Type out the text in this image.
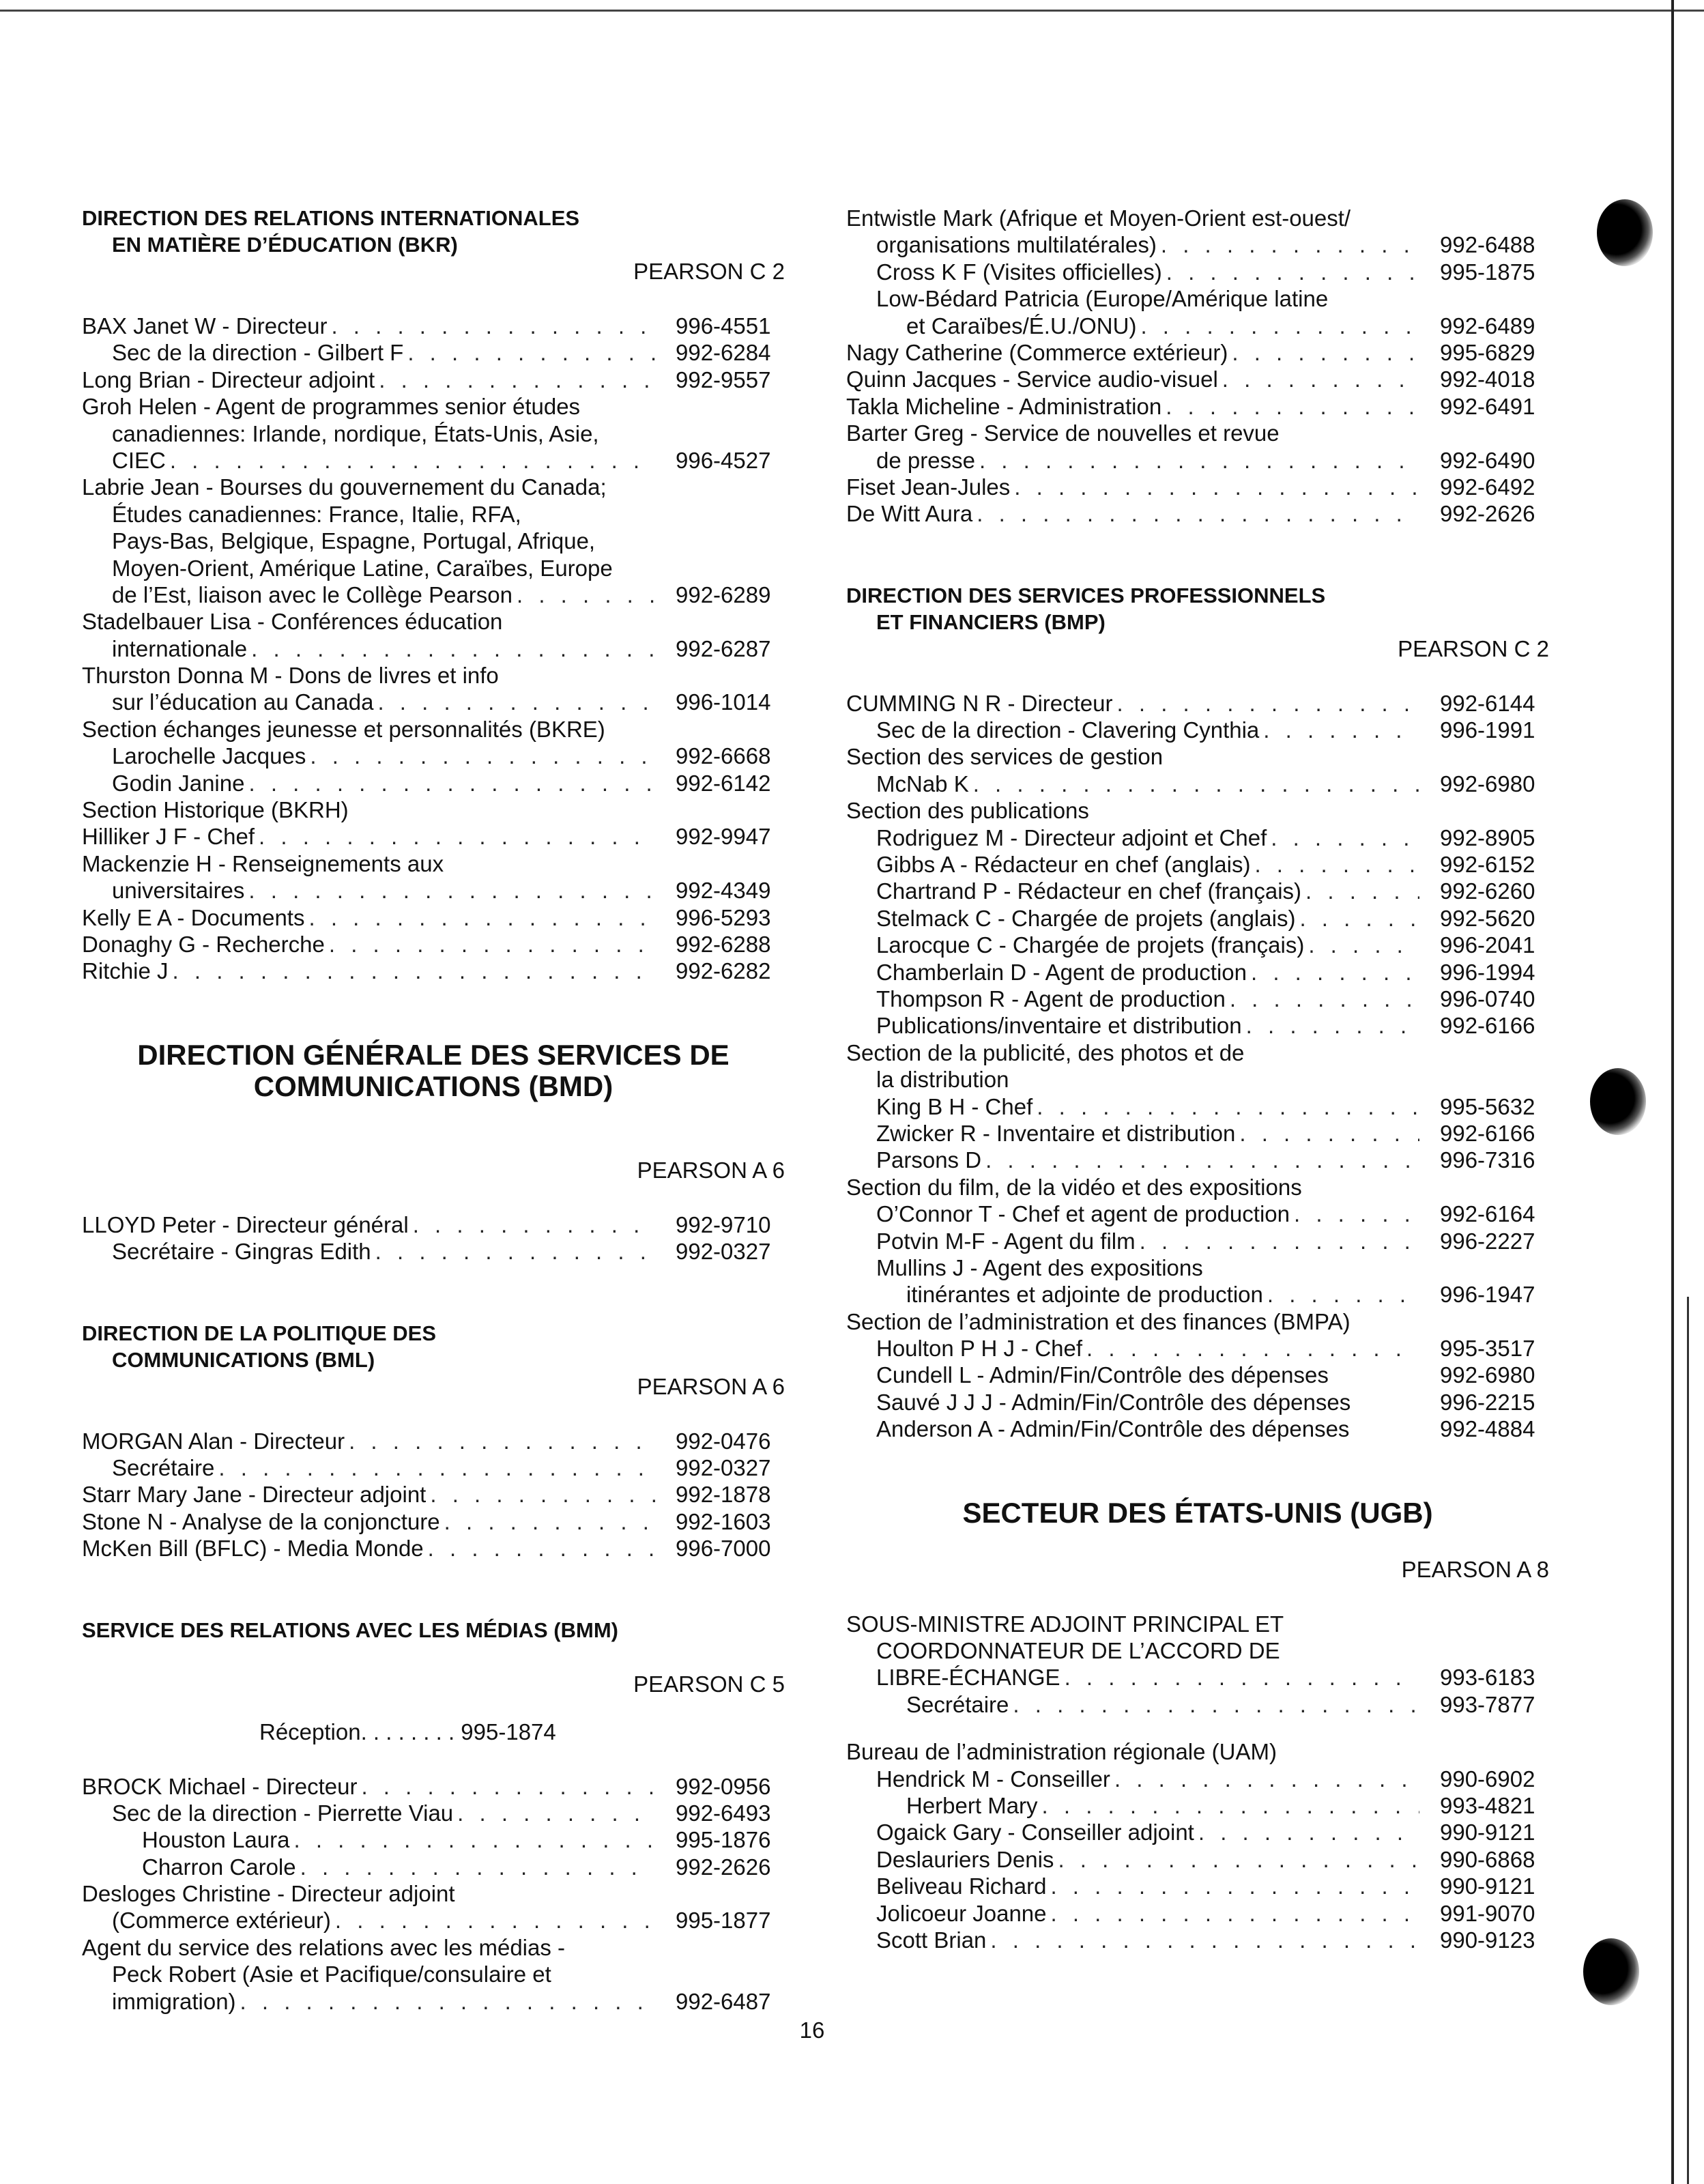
DIRECTION DES RELATIONS INTERNATIONALES
EN MATIÈRE D’ÉDUCATION (BKR)
PEARSON C 2
BAX Janet W - Directeur . . .	996-4551
Sec de la direction - Gilbert F . . .	992-6284
Long Brian - Directeur adjoint . . .	992-9557
Groh Helen - Agent de programmes senior études
canadiennes: Irlande, nordique, États-Unis, Asie,
CIEC . . .	996-4527
Labrie Jean - Bourses du gouvernement du Canada;
Études canadiennes: France, Italie, RFA,
Pays-Bas, Belgique, Espagne, Portugal, Afrique,
Moyen-Orient, Amérique Latine, Caraïbes, Europe
de l’Est, liaison avec le Collège Pearson . . .	992-6289
Stadelbauer Lisa - Conférences éducation
internationale . . .	992-6287
Thurston Donna M - Dons de livres et info
sur l’éducation au Canada . . .	996-1014
Section échanges jeunesse et personnalités (BKRE)
Larochelle Jacques . . .	992-6668
Godin Janine . . .	992-6142
Section Historique (BKRH)
Hilliker J F - Chef . . .	992-9947
Mackenzie H - Renseignements aux
universitaires . . .	992-4349
Kelly E A - Documents . . .	996-5293
Donaghy G - Recherche . . .	992-6288
Ritchie J . . .	992-6282
DIRECTION GÉNÉRALE DES SERVICES DE
COMMUNICATIONS (BMD)
PEARSON A 6
LLOYD Peter - Directeur général . . .	992-9710
Secrétaire - Gingras Edith . . .	992-0327
DIRECTION DE LA POLITIQUE DES
COMMUNICATIONS (BML)
PEARSON A 6
MORGAN Alan - Directeur . . .	992-0476
Secrétaire . . .	992-0327
Starr Mary Jane - Directeur adjoint . . .	992-1878
Stone N - Analyse de la conjoncture . . .	992-1603
McKen Bill (BFLC) - Media Monde . . .	996-7000
SERVICE DES RELATIONS AVEC LES MÉDIAS (BMM)
PEARSON C 5
Réception. . . . . . . . 995-1874
BROCK Michael - Directeur . . .	992-0956
Sec de la direction - Pierrette Viau . . .	992-6493
Houston Laura . . .	995-1876
Charron Carole . . .	992-2626
Desloges Christine - Directeur adjoint
(Commerce extérieur) . . .	995-1877
Agent du service des relations avec les médias -
Peck Robert (Asie et Pacifique/consulaire et
immigration) . . .	992-6487
Entwistle Mark (Afrique et Moyen-Orient est-ouest/
organisations multilatérales) . . .	992-6488
Cross K F (Visites officielles) . . .	995-1875
Low-Bédard Patricia (Europe/Amérique latine
et Caraïbes/É.U./ONU) . . .	992-6489
Nagy Catherine (Commerce extérieur) . . .	995-6829
Quinn Jacques - Service audio-visuel . . .	992-4018
Takla Micheline - Administration . . .	992-6491
Barter Greg - Service de nouvelles et revue
de presse . . .	992-6490
Fiset Jean-Jules . . .	992-6492
De Witt Aura . . .	992-2626
DIRECTION DES SERVICES PROFESSIONNELS
ET FINANCIERS (BMP)
PEARSON C 2
CUMMING N R - Directeur . . .	992-6144
Sec de la direction - Clavering Cynthia . . .	996-1991
Section des services de gestion
McNab K . . .	992-6980
Section des publications
Rodriguez M - Directeur adjoint et Chef . . .	992-8905
Gibbs A - Rédacteur en chef (anglais) . . .	992-6152
Chartrand P - Rédacteur en chef (français) . . .	992-6260
Stelmack C - Chargée de projets (anglais) . . .	992-5620
Larocque C - Chargée de projets (français) . . .	996-2041
Chamberlain D - Agent de production . . .	996-1994
Thompson R - Agent de production . . .	996-0740
Publications/inventaire et distribution . . .	992-6166
Section de la publicité, des photos et de
la distribution
King B H - Chef . . .	995-5632
Zwicker R - Inventaire et distribution . . .	992-6166
Parsons D . . .	996-7316
Section du film, de la vidéo et des expositions
O’Connor T - Chef et agent de production . . .	992-6164
Potvin M-F - Agent du film . . .	996-2227
Mullins J - Agent des expositions
itinérantes et adjointe de production . . .	996-1947
Section de l’administration et des finances (BMPA)
Houlton P H J - Chef . . .	995-3517
Cundell L - Admin/Fin/Contrôle des dépenses	992-6980
Sauvé J J J - Admin/Fin/Contrôle des dépenses	996-2215
Anderson A - Admin/Fin/Contrôle des dépenses	992-4884
SECTEUR DES ÉTATS-UNIS (UGB)
PEARSON A 8
SOUS-MINISTRE ADJOINT PRINCIPAL ET
COORDONNATEUR DE L’ACCORD DE
LIBRE-ÉCHANGE . . .	993-6183
Secrétaire . . .	993-7877
Bureau de l’administration régionale (UAM)
Hendrick M - Conseiller . . .	990-6902
Herbert Mary . . .	993-4821
Ogaick Gary - Conseiller adjoint . . .	990-9121
Deslauriers Denis . . .	990-6868
Beliveau Richard . . .	990-9121
Jolicoeur Joanne . . .	991-9070
Scott Brian . . .	990-9123
16
